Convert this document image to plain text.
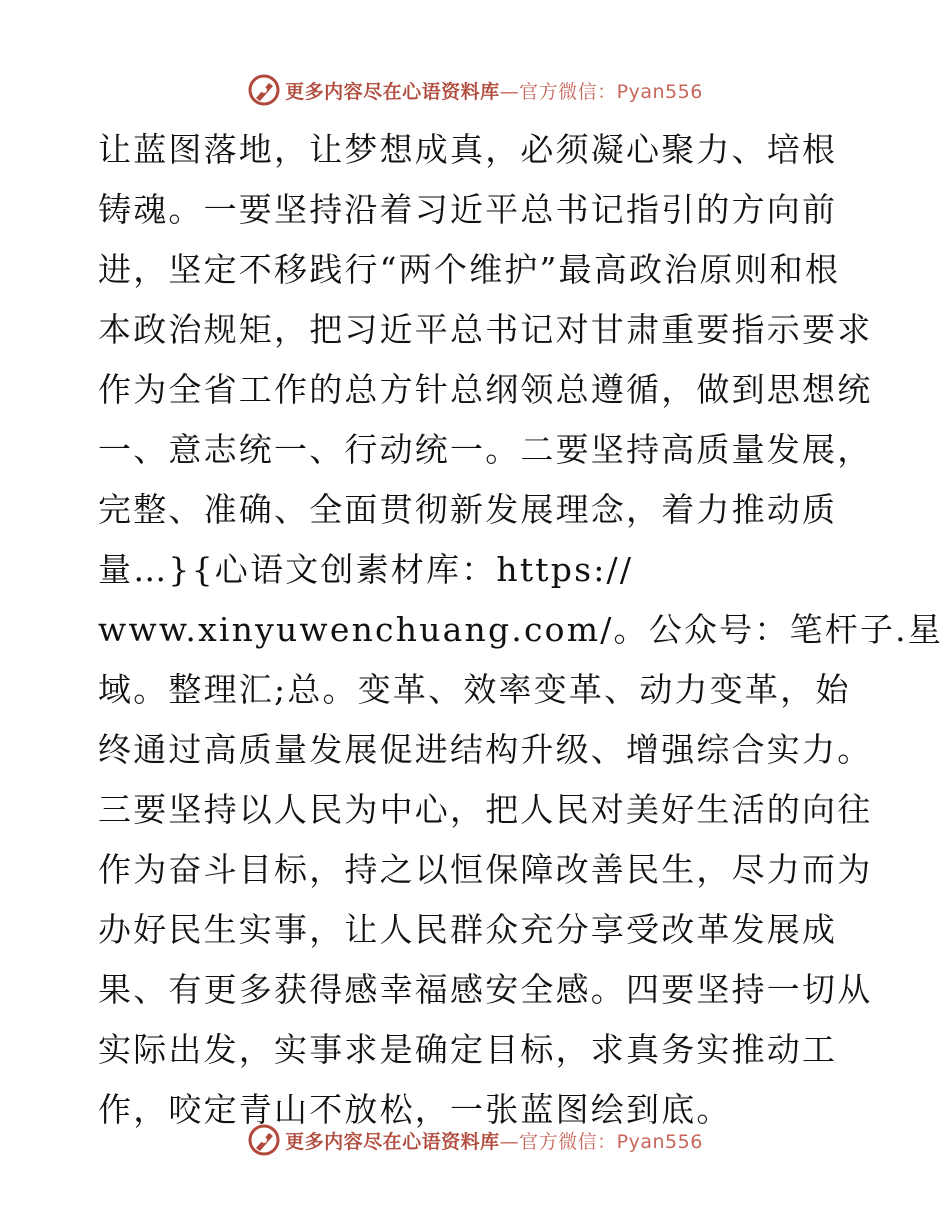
更多内容尽在心语资料库—官方微信：Pyan556
让蓝图落地，让梦想成真，必须凝心聚力、培根
铸魂。一要坚持沿着习近平总书记指引的方向前
进，坚定不移践行“两个维护”最高政治原则和根
本政治规矩，把习近平总书记对甘肃重要指示要求
作为全省工作的总方针总纲领总遵循，做到思想统
一、意志统一、行动统一。二要坚持高质量发展，
完整、准确、全面贯彻新发展理念，着力推动质
量…}{心语文创素材库：https://
www.xinyuwenchuang.com/。公众号：笔杆子.星
域。整理汇;总。变革、效率变革、动力变革，始
终通过高质量发展促进结构升级、增强综合实力。
三要坚持以人民为中心，把人民对美好生活的向往
作为奋斗目标，持之以恒保障改善民生，尽力而为
办好民生实事，让人民群众充分享受改革发展成
果、有更多获得感幸福感安全感。四要坚持一切从
实际出发，实事求是确定目标，求真务实推动工
作，咬定青山不放松，一张蓝图绘到底。
更多内容尽在心语资料库—官方微信：Pyan556
